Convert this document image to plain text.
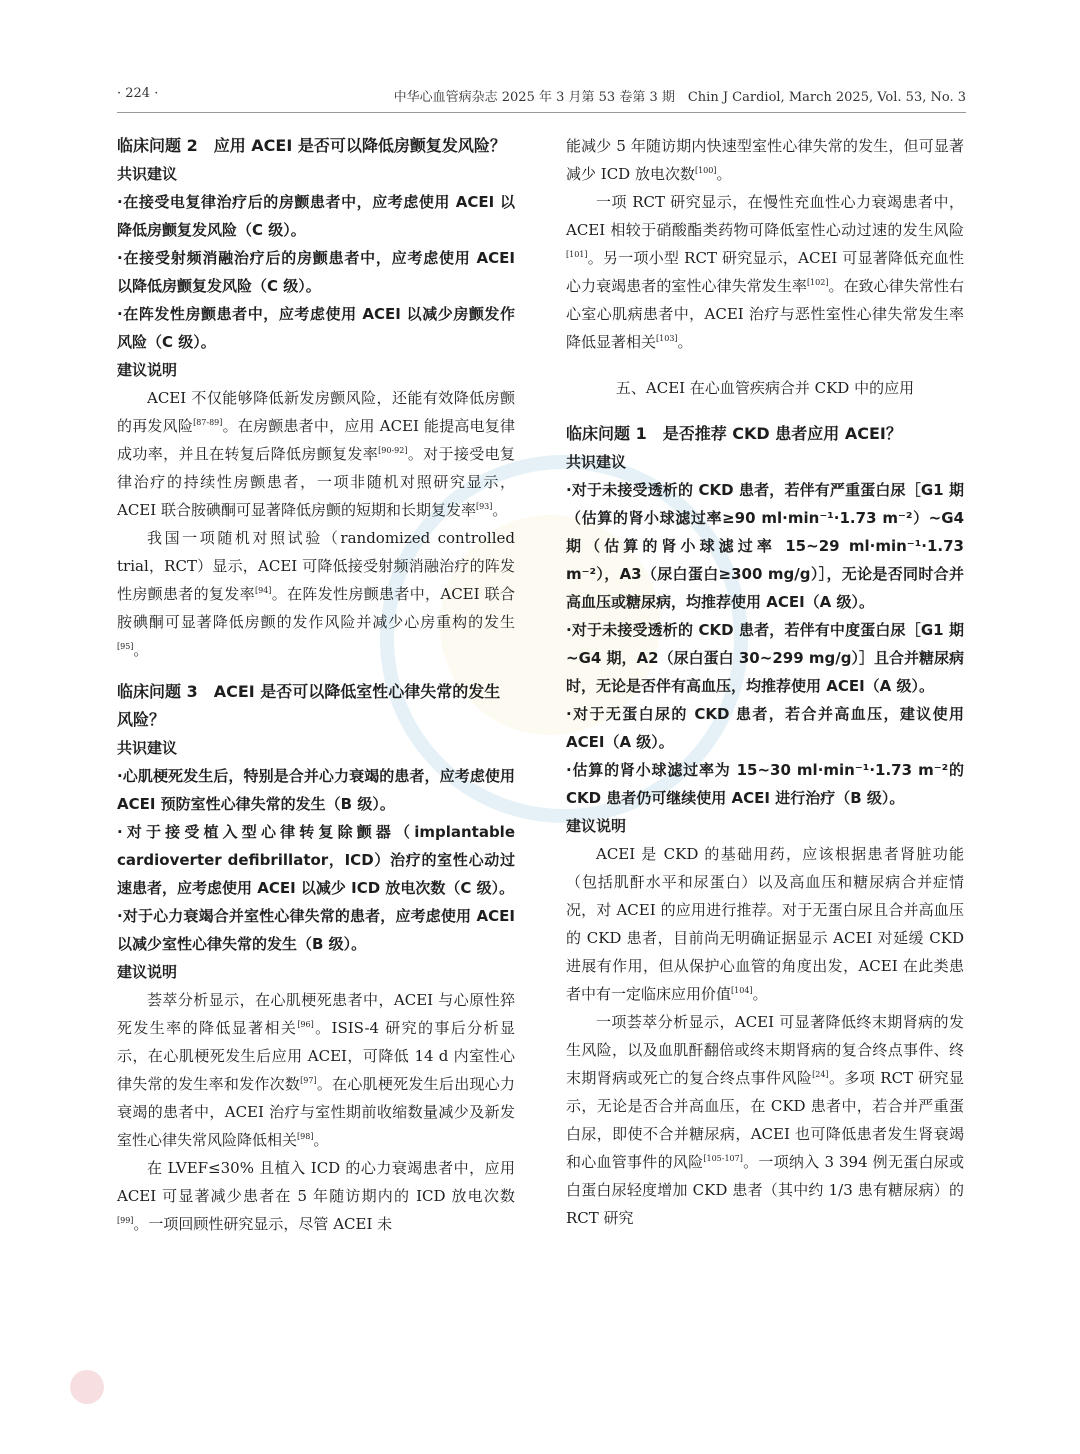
· 224 ·	中华心血管病杂志 2025 年 3 月第 53 卷第 3 期　Chin J Cardiol, March 2025, Vol. 53, No. 3

临床问题 2　应用 ACEI 是否可以降低房颤复发风险？

共识建议

·在接受电复律治疗后的房颤患者中，应考虑使用 ACEI 以降低房颤复发风险（C 级）。

·在接受射频消融治疗后的房颤患者中，应考虑使用 ACEI 以降低房颤复发风险（C 级）。

·在阵发性房颤患者中，应考虑使用 ACEI 以减少房颤发作风险（C 级）。

建议说明

ACEI 不仅能够降低新发房颤风险，还能有效降低房颤的再发风险[87-89]。在房颤患者中，应用 ACEI 能提高电复律成功率，并且在转复后降低房颤复发率[90-92]。对于接受电复律治疗的持续性房颤患者，一项非随机对照研究显示，ACEI 联合胺碘酮可显著降低房颤的短期和长期复发率[93]。

我国一项随机对照试验（randomized controlled trial，RCT）显示，ACEI 可降低接受射频消融治疗的阵发性房颤患者的复发率[94]。在阵发性房颤患者中，ACEI 联合胺碘酮可显著降低房颤的发作风险并减少心房重构的发生[95]。

临床问题 3　ACEI 是否可以降低室性心律失常的发生风险？

共识建议

·心肌梗死发生后，特别是合并心力衰竭的患者，应考虑使用 ACEI 预防室性心律失常的发生（B 级）。

·对于接受植入型心律转复除颤器（implantable cardioverter defibrillator，ICD）治疗的室性心动过速患者，应考虑使用 ACEI 以减少 ICD 放电次数（C 级）。

·对于心力衰竭合并室性心律失常的患者，应考虑使用 ACEI 以减少室性心律失常的发生（B 级）。

建议说明

荟萃分析显示，在心肌梗死患者中，ACEI 与心原性猝死发生率的降低显著相关[96]。ISIS-4 研究的事后分析显示，在心肌梗死发生后应用 ACEI，可降低 14 d 内室性心律失常的发生率和发作次数[97]。在心肌梗死发生后出现心力衰竭的患者中，ACEI 治疗与室性期前收缩数量减少及新发室性心律失常风险降低相关[98]。

在 LVEF≤30% 且植入 ICD 的心力衰竭患者中，应用 ACEI 可显著减少患者在 5 年随访期内的 ICD 放电次数[99]。一项回顾性研究显示，尽管 ACEI 未

能减少 5 年随访期内快速型室性心律失常的发生，但可显著减少 ICD 放电次数[100]。

一项 RCT 研究显示，在慢性充血性心力衰竭患者中，ACEI 相较于硝酸酯类药物可降低室性心动过速的发生风险[101]。另一项小型 RCT 研究显示，ACEI 可显著降低充血性心力衰竭患者的室性心律失常发生率[102]。在致心律失常性右心室心肌病患者中，ACEI 治疗与恶性室性心律失常发生率降低显著相关[103]。

五、ACEI 在心血管疾病合并 CKD 中的应用

临床问题 1　是否推荐 CKD 患者应用 ACEI？

共识建议

·对于未接受透析的 CKD 患者，若伴有严重蛋白尿［G1 期（估算的肾小球滤过率≥90 ml·min⁻¹·1.73 m⁻²）~G4 期（估算的肾小球滤过率 15~29 ml·min⁻¹·1.73 m⁻²），A3（尿白蛋白≥300 mg/g）］，无论是否同时合并高血压或糖尿病，均推荐使用 ACEI（A 级）。

·对于未接受透析的 CKD 患者，若伴有中度蛋白尿［G1 期~G4 期，A2（尿白蛋白 30~299 mg/g）］且合并糖尿病时，无论是否伴有高血压，均推荐使用 ACEI（A 级）。

·对于无蛋白尿的 CKD 患者，若合并高血压，建议使用 ACEI（A 级）。

·估算的肾小球滤过率为 15~30 ml·min⁻¹·1.73 m⁻²的 CKD 患者仍可继续使用 ACEI 进行治疗（B 级）。

建议说明

ACEI 是 CKD 的基础用药，应该根据患者肾脏功能（包括肌酐水平和尿蛋白）以及高血压和糖尿病合并症情况，对 ACEI 的应用进行推荐。对于无蛋白尿且合并高血压的 CKD 患者，目前尚无明确证据显示 ACEI 对延缓 CKD 进展有作用，但从保护心血管的角度出发，ACEI 在此类患者中有一定临床应用价值[104]。

一项荟萃分析显示，ACEI 可显著降低终末期肾病的发生风险，以及血肌酐翻倍或终末期肾病的复合终点事件、终末期肾病或死亡的复合终点事件风险[24]。多项 RCT 研究显示，无论是否合并高血压，在 CKD 患者中，若合并严重蛋白尿，即使不合并糖尿病，ACEI 也可降低患者发生肾衰竭和心血管事件的风险[105-107]。一项纳入 3 394 例无蛋白尿或白蛋白尿轻度增加 CKD 患者（其中约 1/3 患有糖尿病）的 RCT 研究
